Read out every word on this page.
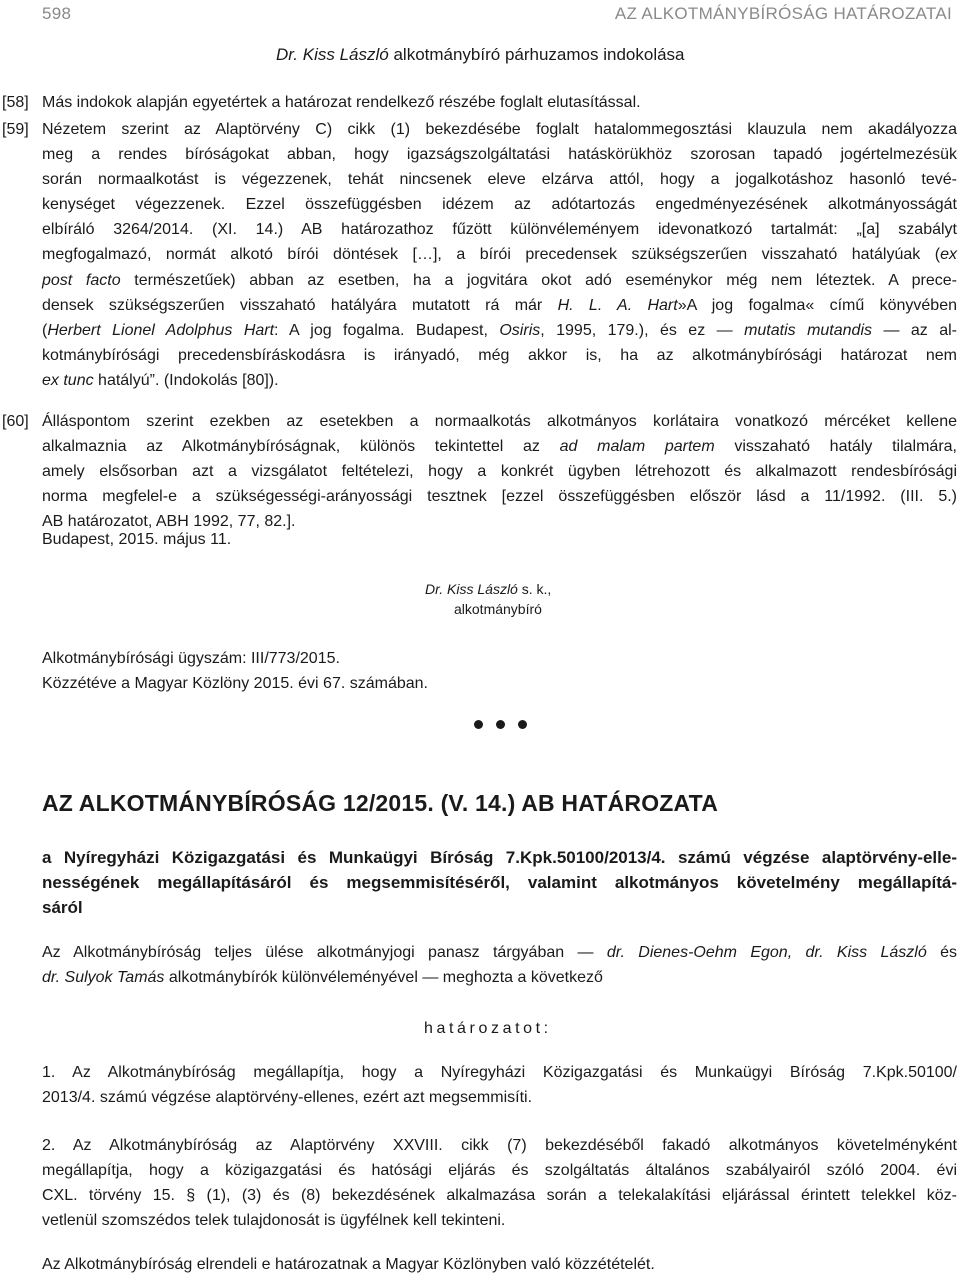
598	AZ ALKOTMÁNYBÍRÓSÁG HATÁROZATAI
Dr. Kiss László alkotmánybíró párhuzamos indokolása
[58] Más indokok alapján egyetértek a határozat rendelkező részébe foglalt elutasítással.
[59] Nézetem szerint az Alaptörvény C) cikk (1) bekezdésébe foglalt hatalommegosztási klauzula nem akadályozza
meg a rendes bíróságokat abban, hogy igazságszolgáltatási hatáskörükhöz szorosan tapadó jogértelmezésük
során normaalkotást is végezzenek, tehát nincsenek eleve elzárva attól, hogy a jogalkotáshoz hasonló tevé-
kenységet végezzenek. Ezzel összefüggésben idézem az adótartozás engedményezésének alkotmányosságát
elbíráló 3264/2014. (XI. 14.) AB határozathoz fűzött különvéleményem idevonatkozó tartalmát: „[a] szabályt
megfogalmazó, normát alkotó bírói döntések […], a bírói precedensek szükségszerűen visszaható hatályúak (ex
post facto természetűek) abban az esetben, ha a jogvitára okot adó eseménykor még nem léteztek. A prece-
densek szükségszerűen visszaható hatályára mutatott rá már H. L. A. Hart»A jog fogalma« című könyvében
(Herbert Lionel Adolphus Hart: A jog fogalma. Budapest, Osiris, 1995, 179.), és ez — mutatis mutandis — az al-
kotmánybírósági precedensbíráskodásra is irányadó, még akkor is, ha az alkotmánybírósági határozat nem
ex tunc hatályú”. (Indokolás [80]).
[60] Álláspontom szerint ezekben az esetekben a normaalkotás alkotmányos korlátaira vonatkozó mércéket kellene
alkalmaznia az Alkotmánybíróságnak, különös tekintettel az ad malam partem visszaható hatály tilalmára,
amely elsősorban azt a vizsgálatot feltételezi, hogy a konkrét ügyben létrehozott és alkalmazott rendesbírósági
norma megfelel-e a szükségességi-arányossági tesztnek [ezzel összefüggésben először lásd a 11/1992. (III. 5.)
AB határozatot, ABH 1992, 77, 82.].
Budapest, 2015. május 11.
Dr. Kiss László s. k.,
alkotmánybíró
Alkotmánybírósági ügyszám: III/773/2015.
Közzétéve a Magyar Közlöny 2015. évi 67. számában.
AZ ALKOTMÁNYBÍRÓSÁG 12/2015. (V. 14.) AB HATÁROZATA
a Nyíregyházi Közigazgatási és Munkaügyi Bíróság 7.Kpk.50100/2013/4. számú végzése alaptörvény-elle-
nességének megállapításáról és megsemmisítéséről, valamint alkotmányos követelmény megállapítá-
sáról
Az Alkotmánybíróság teljes ülése alkotmányjogi panasz tárgyában — dr. Dienes-Oehm Egon, dr. Kiss László és
dr. Sulyok Tamás alkotmánybírók különvéleményével — meghozta a következő
határozatot:
1. Az Alkotmánybíróság megállapítja, hogy a Nyíregyházi Közigazgatási és Munkaügyi Bíróság 7.Kpk.50100/
2013/4. számú végzése alaptörvény-ellenes, ezért azt megsemmisíti.
2. Az Alkotmánybíróság az Alaptörvény XXVIII. cikk (7) bekezdéséből fakadó alkotmányos követelményként
megállapítja, hogy a közigazgatási és hatósági eljárás és szolgáltatás általános szabályairól szóló 2004. évi
CXL. törvény 15. § (1), (3) és (8) bekezdésének alkalmazása során a telekalakítási eljárással érintett telekkel köz-
vetlenül szomszédos telek tulajdonosát is ügyfélnek kell tekinteni.
Az Alkotmánybíróság elrendeli e határozatnak a Magyar Közlönyben való közzétételét.
